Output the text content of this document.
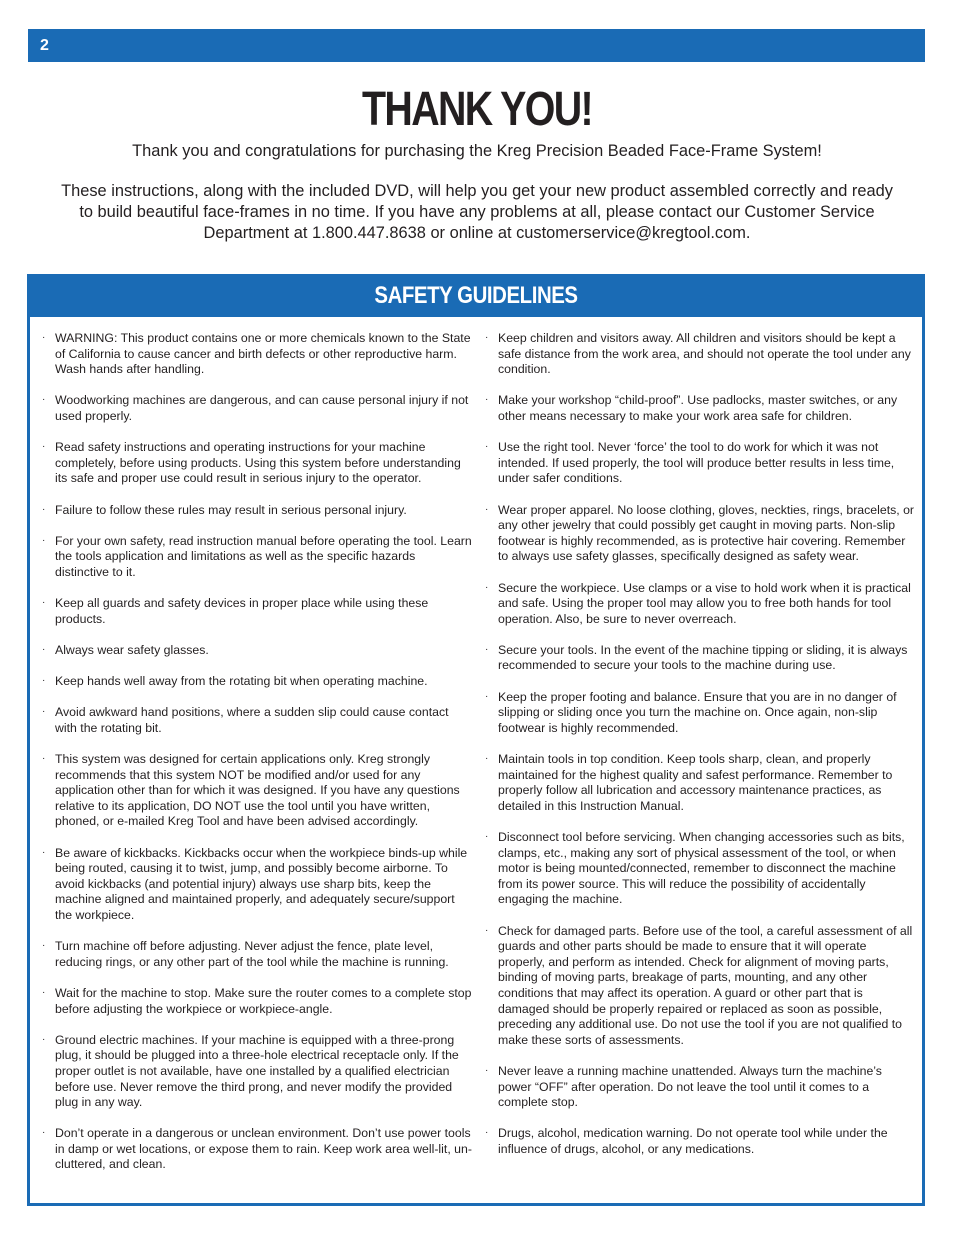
2
THANK YOU!
Thank you and congratulations for purchasing the Kreg Precision Beaded Face-Frame System!
These instructions, along with the included DVD, will help you get your new product assembled correctly and ready to build beautiful face-frames in no time. If you have any problems at all, please contact our Customer Service Department at 1.800.447.8638 or online at customerservice@kregtool.com.
SAFETY GUIDELINES
· WARNING: This product contains one or more chemicals known to the State of California to cause cancer and birth defects or other reproductive harm. Wash hands after handling.
· Woodworking machines are dangerous, and can cause personal injury if not used properly.
· Read safety instructions and operating instructions for your machine completely, before using products. Using this system before understanding its safe and proper use could result in serious injury to the operator.
· Failure to follow these rules may result in serious personal injury.
· For your own safety, read instruction manual before operating the tool. Learn the tools application and limitations as well as the specific hazards distinctive to it.
· Keep all guards and safety devices in proper place while using these products.
· Always wear safety glasses.
· Keep hands well away from the rotating bit when operating machine.
· Avoid awkward hand positions, where a sudden slip could cause contact with the rotating bit.
· This system was designed for certain applications only. Kreg strongly recommends that this system NOT be modified and/or used for any application other than for which it was designed. If you have any questions relative to its application, DO NOT use the tool until you have written, phoned, or e-mailed Kreg Tool and have been advised accordingly.
· Be aware of kickbacks. Kickbacks occur when the workpiece binds-up while being routed, causing it to twist, jump, and possibly become airborne. To avoid kickbacks (and potential injury) always use sharp bits, keep the machine aligned and maintained properly, and adequately secure/support the workpiece.
· Turn machine off before adjusting. Never adjust the fence, plate level, reducing rings, or any other part of the tool while the machine is running.
· Wait for the machine to stop. Make sure the router comes to a complete stop before adjusting the workpiece or workpiece-angle.
· Ground electric machines. If your machine is equipped with a three-prong plug, it should be plugged into a three-hole electrical receptacle only. If the proper outlet is not available, have one installed by a qualified electrician before use. Never remove the third prong, and never modify the provided plug in any way.
· Don’t operate in a dangerous or unclean environment. Don’t use power tools in damp or wet locations, or expose them to rain. Keep work area well-lit, un-cluttered, and clean.
· Keep children and visitors away. All children and visitors should be kept a safe distance from the work area, and should not operate the tool under any condition.
· Make your workshop “child-proof”. Use padlocks, master switches, or any other means necessary to make your work area safe for children.
· Use the right tool. Never ‘force’ the tool to do work for which it was not intended. If used properly, the tool will produce better results in less time, under safer conditions.
· Wear proper apparel. No loose clothing, gloves, neckties, rings, bracelets, or any other jewelry that could possibly get caught in moving parts. Non-slip footwear is highly recommended, as is protective hair covering. Remember to always use safety glasses, specifically designed as safety wear.
· Secure the workpiece. Use clamps or a vise to hold work when it is practical and safe. Using the proper tool may allow you to free both hands for tool operation. Also, be sure to never overreach.
· Secure your tools. In the event of the machine tipping or sliding, it is always recommended to secure your tools to the machine during use.
· Keep the proper footing and balance. Ensure that you are in no danger of slipping or sliding once you turn the machine on. Once again, non-slip footwear is highly recommended.
· Maintain tools in top condition. Keep tools sharp, clean, and properly maintained for the highest quality and safest performance. Remember to properly follow all lubrication and accessory maintenance practices, as detailed in this Instruction Manual.
· Disconnect tool before servicing. When changing accessories such as bits, clamps, etc., making any sort of physical assessment of the tool, or when motor is being mounted/connected, remember to disconnect the machine from its power source. This will reduce the possibility of accidentally engaging the machine.
· Check for damaged parts. Before use of the tool, a careful assessment of all guards and other parts should be made to ensure that it will operate properly, and perform as intended. Check for alignment of moving parts, binding of moving parts, breakage of parts, mounting, and any other conditions that may affect its operation. A guard or other part that is damaged should be properly repaired or replaced as soon as possible, preceding any additional use. Do not use the tool if you are not qualified to make these sorts of assessments.
· Never leave a running machine unattended. Always turn the machine’s power “OFF” after operation. Do not leave the tool until it comes to a complete stop.
· Drugs, alcohol, medication warning. Do not operate tool while under the influence of drugs, alcohol, or any medications.
